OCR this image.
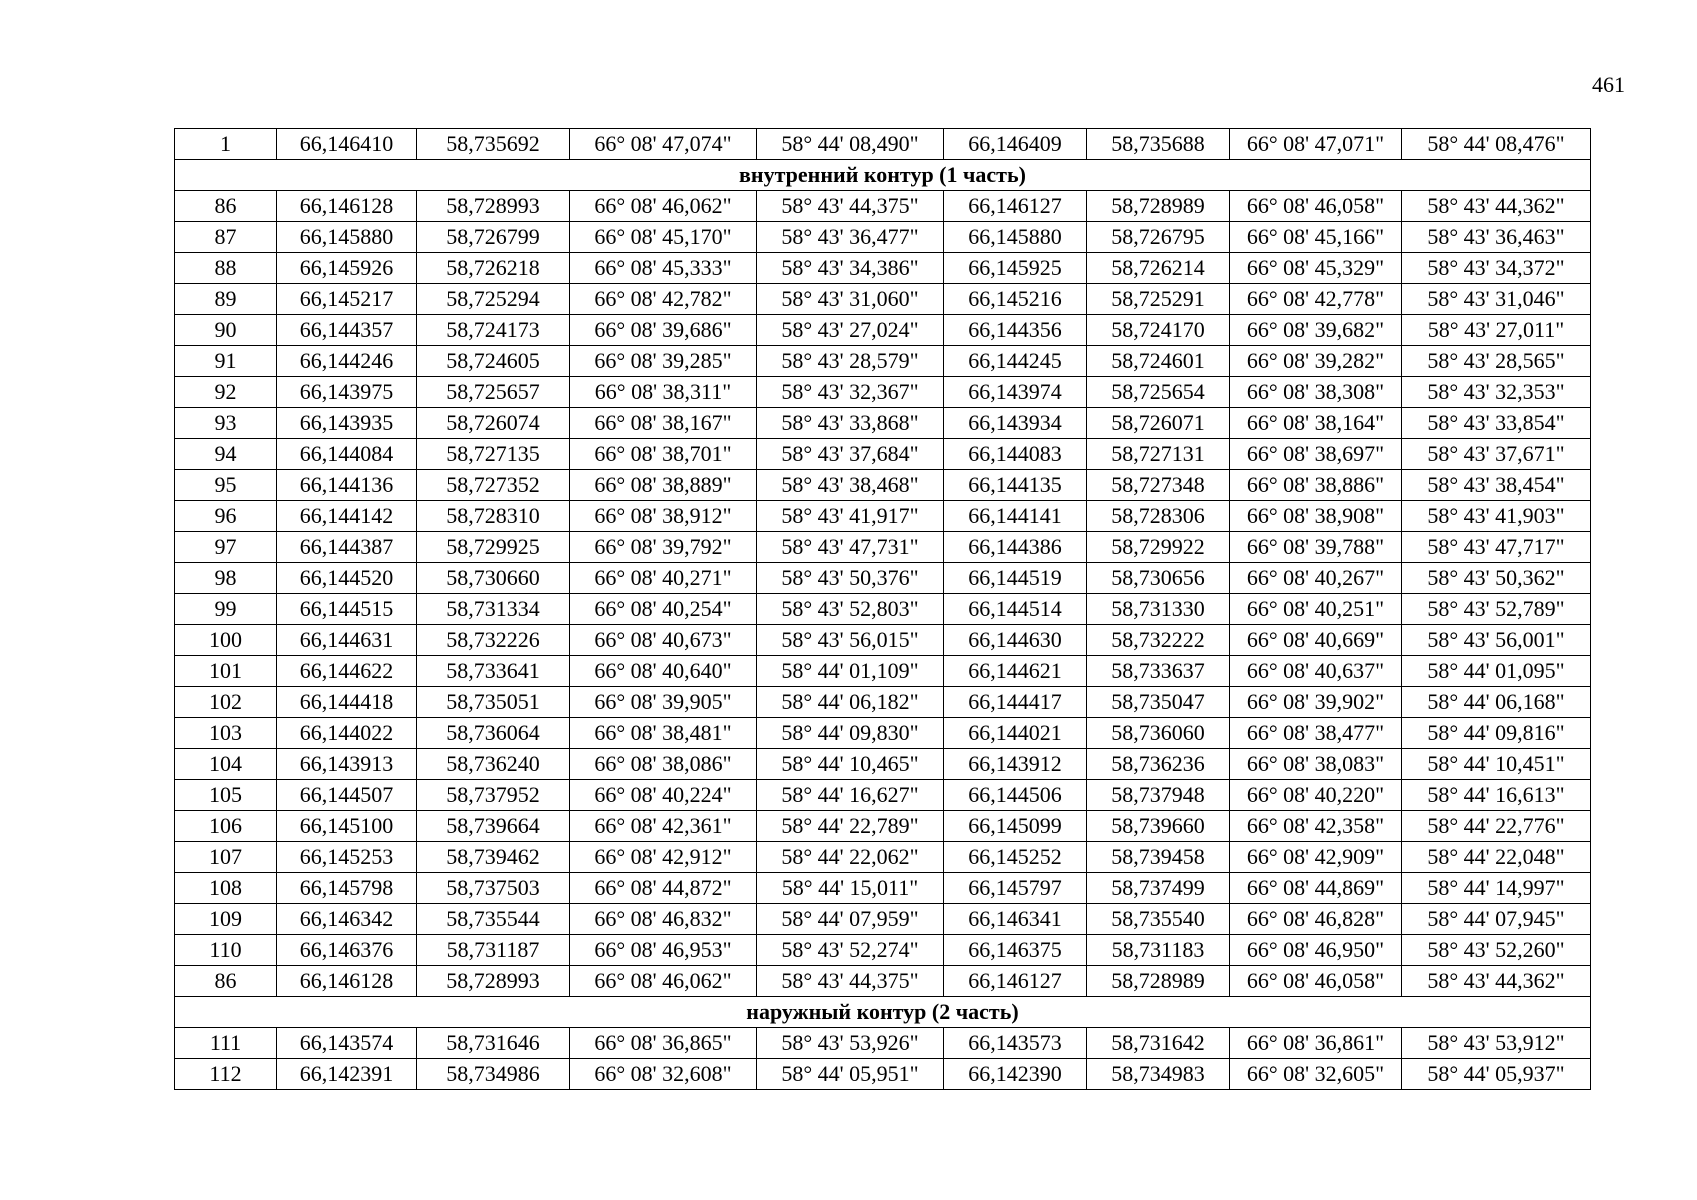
461
1	66,146410	58,735692	66° 08' 47,074"	58° 44' 08,490"	66,146409	58,735688	66° 08' 47,071"	58° 44' 08,476"
внутренний контур (1 часть)								
86	66,146128	58,728993	66° 08' 46,062"	58° 43' 44,375"	66,146127	58,728989	66° 08' 46,058"	58° 43' 44,362"
87	66,145880	58,726799	66° 08' 45,170"	58° 43' 36,477"	66,145880	58,726795	66° 08' 45,166"	58° 43' 36,463"
88	66,145926	58,726218	66° 08' 45,333"	58° 43' 34,386"	66,145925	58,726214	66° 08' 45,329"	58° 43' 34,372"
89	66,145217	58,725294	66° 08' 42,782"	58° 43' 31,060"	66,145216	58,725291	66° 08' 42,778"	58° 43' 31,046"
90	66,144357	58,724173	66° 08' 39,686"	58° 43' 27,024"	66,144356	58,724170	66° 08' 39,682"	58° 43' 27,011"
91	66,144246	58,724605	66° 08' 39,285"	58° 43' 28,579"	66,144245	58,724601	66° 08' 39,282"	58° 43' 28,565"
92	66,143975	58,725657	66° 08' 38,311"	58° 43' 32,367"	66,143974	58,725654	66° 08' 38,308"	58° 43' 32,353"
93	66,143935	58,726074	66° 08' 38,167"	58° 43' 33,868"	66,143934	58,726071	66° 08' 38,164"	58° 43' 33,854"
94	66,144084	58,727135	66° 08' 38,701"	58° 43' 37,684"	66,144083	58,727131	66° 08' 38,697"	58° 43' 37,671"
95	66,144136	58,727352	66° 08' 38,889"	58° 43' 38,468"	66,144135	58,727348	66° 08' 38,886"	58° 43' 38,454"
96	66,144142	58,728310	66° 08' 38,912"	58° 43' 41,917"	66,144141	58,728306	66° 08' 38,908"	58° 43' 41,903"
97	66,144387	58,729925	66° 08' 39,792"	58° 43' 47,731"	66,144386	58,729922	66° 08' 39,788"	58° 43' 47,717"
98	66,144520	58,730660	66° 08' 40,271"	58° 43' 50,376"	66,144519	58,730656	66° 08' 40,267"	58° 43' 50,362"
99	66,144515	58,731334	66° 08' 40,254"	58° 43' 52,803"	66,144514	58,731330	66° 08' 40,251"	58° 43' 52,789"
100	66,144631	58,732226	66° 08' 40,673"	58° 43' 56,015"	66,144630	58,732222	66° 08' 40,669"	58° 43' 56,001"
101	66,144622	58,733641	66° 08' 40,640"	58° 44' 01,109"	66,144621	58,733637	66° 08' 40,637"	58° 44' 01,095"
102	66,144418	58,735051	66° 08' 39,905"	58° 44' 06,182"	66,144417	58,735047	66° 08' 39,902"	58° 44' 06,168"
103	66,144022	58,736064	66° 08' 38,481"	58° 44' 09,830"	66,144021	58,736060	66° 08' 38,477"	58° 44' 09,816"
104	66,143913	58,736240	66° 08' 38,086"	58° 44' 10,465"	66,143912	58,736236	66° 08' 38,083"	58° 44' 10,451"
105	66,144507	58,737952	66° 08' 40,224"	58° 44' 16,627"	66,144506	58,737948	66° 08' 40,220"	58° 44' 16,613"
106	66,145100	58,739664	66° 08' 42,361"	58° 44' 22,789"	66,145099	58,739660	66° 08' 42,358"	58° 44' 22,776"
107	66,145253	58,739462	66° 08' 42,912"	58° 44' 22,062"	66,145252	58,739458	66° 08' 42,909"	58° 44' 22,048"
108	66,145798	58,737503	66° 08' 44,872"	58° 44' 15,011"	66,145797	58,737499	66° 08' 44,869"	58° 44' 14,997"
109	66,146342	58,735544	66° 08' 46,832"	58° 44' 07,959"	66,146341	58,735540	66° 08' 46,828"	58° 44' 07,945"
110	66,146376	58,731187	66° 08' 46,953"	58° 43' 52,274"	66,146375	58,731183	66° 08' 46,950"	58° 43' 52,260"
86	66,146128	58,728993	66° 08' 46,062"	58° 43' 44,375"	66,146127	58,728989	66° 08' 46,058"	58° 43' 44,362"
наружный контур (2 часть)								
111	66,143574	58,731646	66° 08' 36,865"	58° 43' 53,926"	66,143573	58,731642	66° 08' 36,861"	58° 43' 53,912"
112	66,142391	58,734986	66° 08' 32,608"	58° 44' 05,951"	66,142390	58,734983	66° 08' 32,605"	58° 44' 05,937"
